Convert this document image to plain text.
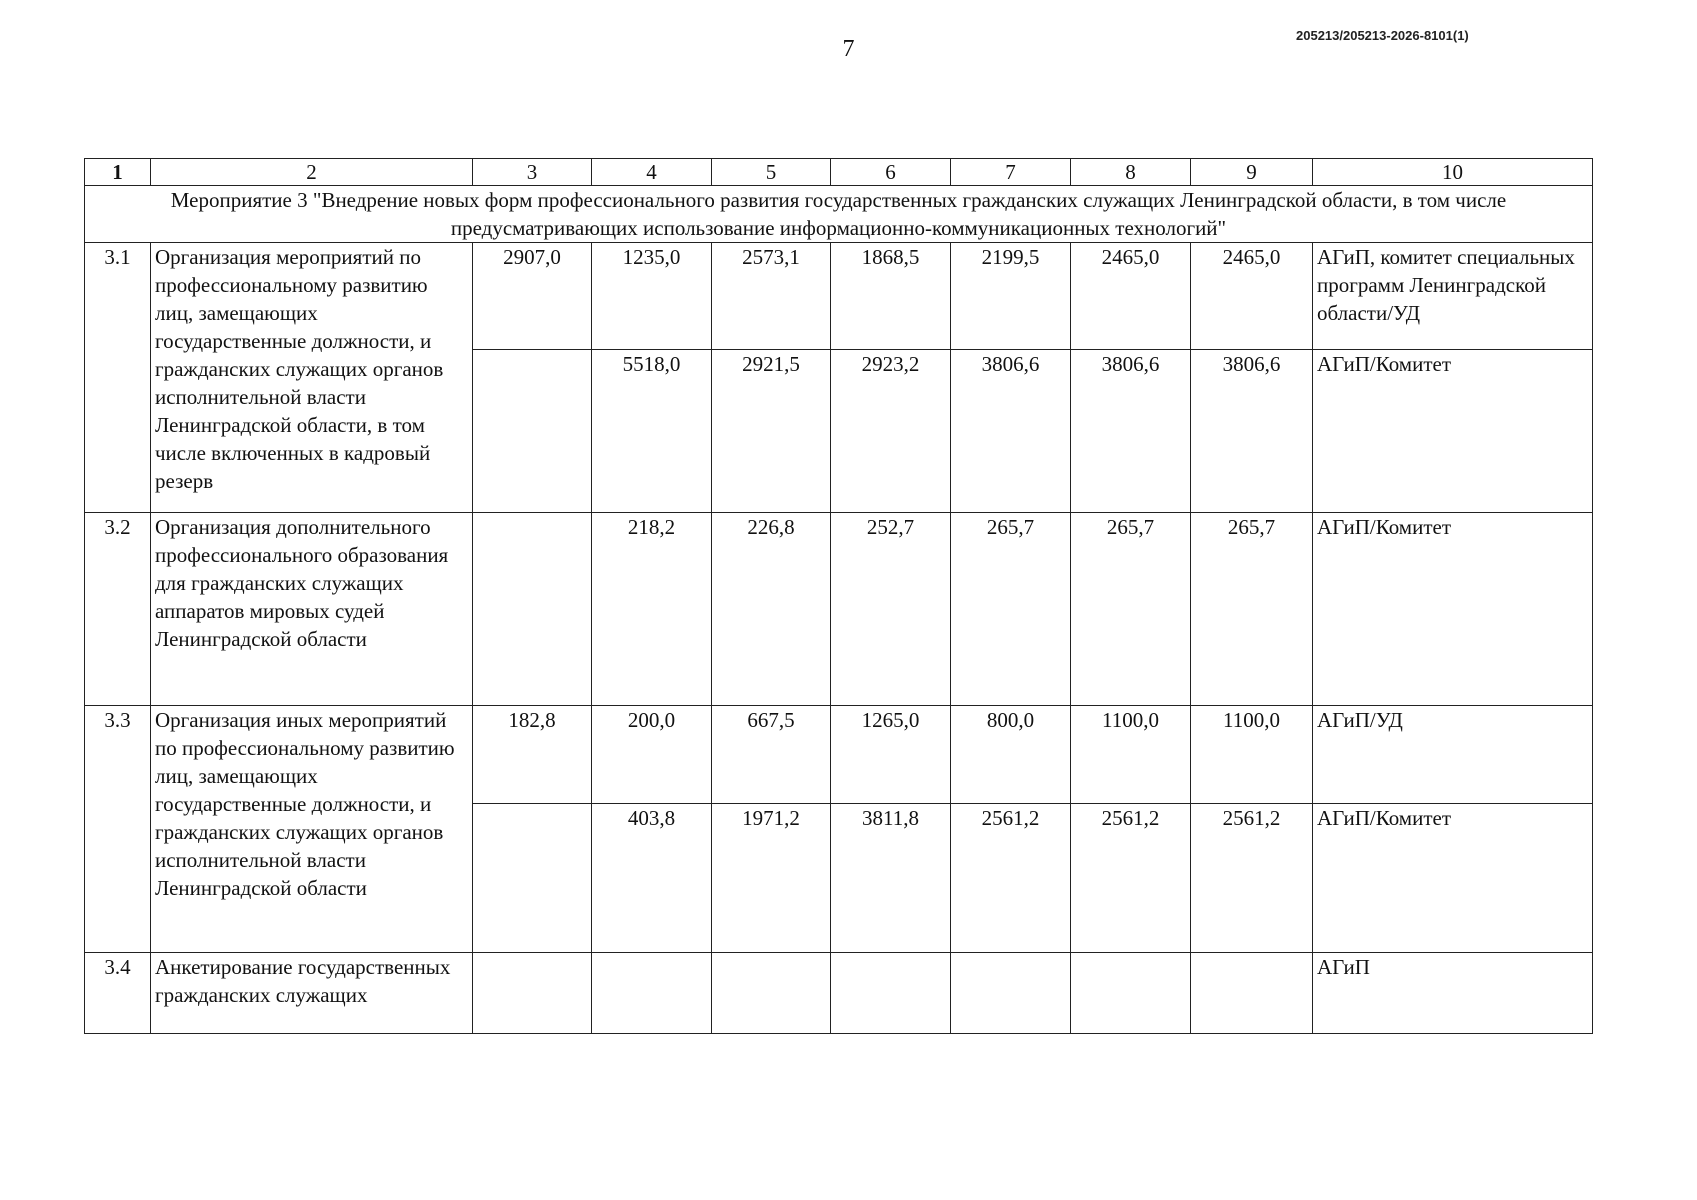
7
205213/205213-2026-8101(1)
1	2	3	4	5	6	7	8	9	10
Мероприятие 3 "Внедрение новых форм профессионального развития государственных гражданских служащих Ленинградской области, в том числе предусматривающих использование информационно-коммуникационных технологий"									
3.1	Организация мероприятий по профессиональному развитию лиц, замещающих государственные должности, и гражданских служащих органов исполнительной власти Ленинградской области, в том числе включенных в кадровый резерв	2907,0	1235,0	2573,1	1868,5	2199,5	2465,0	2465,0	АГиП, комитет специальных программ Ленинградской области/УД
			5518,0	2921,5	2923,2	3806,6	3806,6	3806,6	АГиП/Комитет
3.2	Организация дополнительного профессионального образования для гражданских служащих аппаратов мировых судей Ленинградской области		218,2	226,8	252,7	265,7	265,7	265,7	АГиП/Комитет
3.3	Организация иных мероприятий по профессиональному развитию лиц, замещающих государственные должности, и гражданских служащих органов исполнительной власти Ленинградской области	182,8	200,0	667,5	1265,0	800,0	1100,0	1100,0	АГиП/УД
			403,8	1971,2	3811,8	2561,2	2561,2	2561,2	АГиП/Комитет
3.4	Анкетирование государственных гражданских служащих								АГиП
